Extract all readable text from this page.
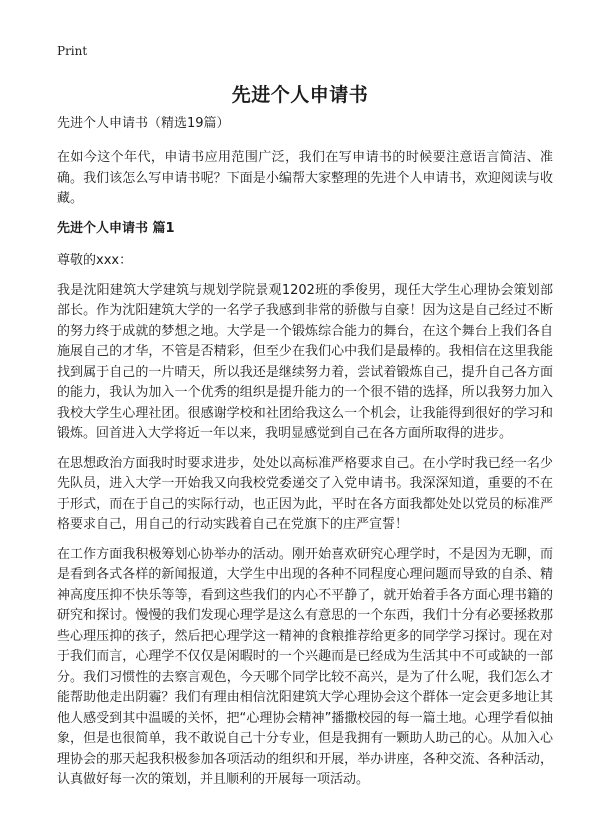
Print
先进个人申请书
先进个人申请书（精选19篇）

在如今这个年代，申请书应用范围广泛，我们在写申请书的时候要注意语言简洁、准确。我们该怎么写申请书呢？下面是小编帮大家整理的先进个人申请书，欢迎阅读与收藏。

先进个人申请书 篇1
尊敬的xxx：

我是沈阳建筑大学建筑与规划学院景观1202班的季俊男，现任大学生心理协会策划部部长。作为沈阳建筑大学的一名学子我感到非常的骄傲与自豪！因为这是自己经过不断的努力终于成就的梦想之地。大学是一个锻炼综合能力的舞台，在这个舞台上我们各自施展自己的才华，不管是否精彩，但至少在我们心中我们是最棒的。我相信在这里我能找到属于自己的一片晴天，所以我还是继续努力着，尝试着锻炼自己，提升自己各方面的能力，我认为加入一个优秀的组织是提升能力的一个很不错的选择，所以我努力加入我校大学生心理社团。很感谢学校和社团给我这么一个机会，让我能得到很好的学习和锻炼。回首进入大学将近一年以来，我明显感觉到自己在各方面所取得的进步。

在思想政治方面我时时要求进步，处处以高标准严格要求自己。在小学时我已经一名少先队员，进入大学一开始我又向我校党委递交了入党申请书。我深深知道，重要的不在于形式，而在于自己的实际行动，也正因为此，平时在各方面我都处处以党员的标准严格要求自己，用自己的行动实践着自己在党旗下的庄严宣誓！

在工作方面我积极筹划心协举办的活动。刚开始喜欢研究心理学时，不是因为无聊，而是看到各式各样的新闻报道，大学生中出现的各种不同程度心理问题而导致的自杀、精神高度压抑不快乐等等，看到这些我们的内心不平静了，就开始着手各方面心理书籍的研究和探讨。慢慢的我们发现心理学是这么有意思的一个东西，我们十分有必要拯救那些心理压抑的孩子，然后把心理学这一精神的食粮推荐给更多的同学学习探讨。现在对于我们而言，心理学不仅仅是闲暇时的一个兴趣而是已经成为生活其中不可或缺的一部分。我们习惯性的去察言观色，今天哪个同学比较不高兴，是为了什么呢，我们怎么才能帮助他走出阴霾？我们有理由相信沈阳建筑大学心理协会这个群体一定会更多地让其他人感受到其中温暖的关怀，把“心理协会精神”播撒校园的每一篇土地。心理学看似抽象，但是也很简单，我不敢说自己十分专业，但是我拥有一颗助人助己的心。从加入心理协会的那天起我积极参加各项活动的组织和开展，举办讲座，各种交流、各种活动，认真做好每一次的策划，并且顺利的开展每一项活动。
